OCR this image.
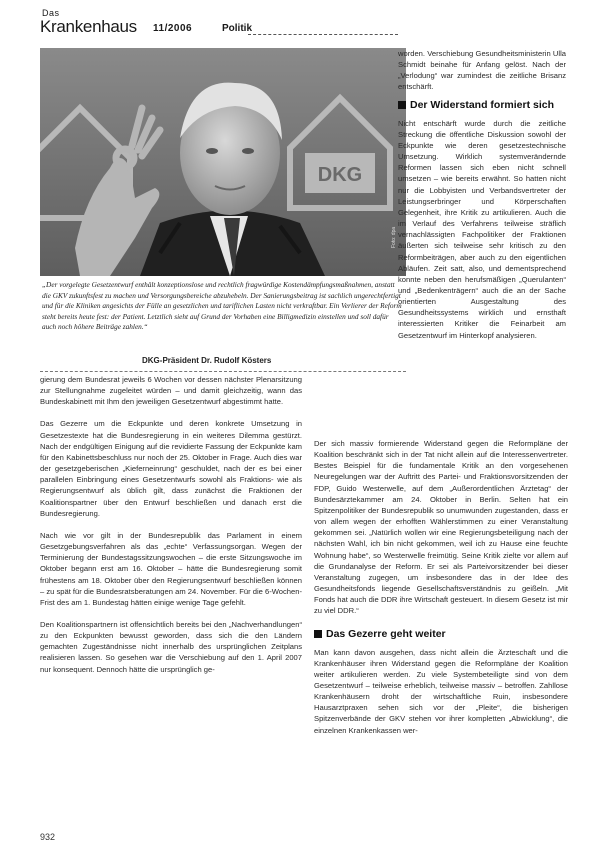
Das
Krankenhaus 11/2006	Politik
DKG
Foto: dpa

„Der vorgelegte Gesetzentwurf enthält konzeptionslose und rechtlich fragwürdige Kostendämpfungsmaßnahmen, anstatt die GKV zukunftsfest zu machen und Versorgungsbereiche abzuhebeln. Der Sanierungsbeitrag ist sachlich ungerechtfertigt und für die Kliniken angesichts der Fülle an gesetzlichen und tariflichen Lasten nicht verkraftbar. Ein Verlierer der Reform steht bereits heute fest: der Patient. Letztlich sieht auf Grund der Vorhaben eine Billigmedizin einstellen und soll dafür auch noch höhere Beiträge zahlen.“

DKG-Präsident Dr. Rudolf Kösters

worden. Verschiebung Gesundheitsministerin Ulla Schmidt beinahe für Anfang gelöst. Nach der „Verlodung“ war zumindest die zeitliche Brisanz entschärft.

Der Widerstand formiert sich

Nicht entschärft wurde durch die zeitliche Streckung die öffentliche Diskussion sowohl der Eckpunkte wie deren gesetzestechnische Umsetzung. Wirklich systemverändernde Reformen lassen sich eben nicht schnell umsetzen – wie bereits erwähnt. So hatten nicht nur die Lobbyisten und Verbandsvertreter der Leistungserbringer und Körperschaften Gelegenheit, ihre Kritik zu artikulieren. Auch die im Verlauf des Verfahrens teilweise sträflich vernachlässigten Fachpolitiker der Fraktionen äußerten sich teilweise sehr kritisch zu den Reformbeiträgen, aber auch zu den eigentlichen Abläufen. Zeit satt, also, und dementsprechend konnte neben den herufsmäßigen „Querulanten“ und „Bedenkenträgern“ auch die an der Sache orientierten Ausgestaltung des Gesundheitssystems wirklich und ernsthaft interessierten Kritiker die Feinarbeit am Gesetzentwurf im Hinterkopf analysieren.

gierung dem Bundesrat jeweils 6 Wochen vor dessen nächster Plenarsitzung zur Stellungnahme zugeleitet würden – und damit gleichzeitig, wann das Bundeskabinett mit Ihm den jeweiligen Gesetzentwurf abgestimmt hatte.

Das Gezerre um die Eckpunkte und deren konkrete Umsetzung in Gesetzestexte hat die Bundesregierung in ein weiteres Dilemma gestürzt. Nach der endgültigen Einigung auf die revidierte Fassung der Eckpunkte kam für den Kabinettsbeschluss nur noch der 25. Oktober in Frage. Auch dies war der gesetzgeberischen „Kieferneinrung“ geschuldet, nach der es bei einer parallelen Einbringung eines Gesetzentwurfs sowohl als Fraktions- wie als Regierungsentwurf als üblich gilt, dass zunächst die Fraktionen der Koalitionspartner über den Entwurf beschließen und danach erst die Bundesregierung.

Nach wie vor gilt in der Bundesrepublik das Parlament in einem Gesetzgebungsverfahren als das „echte“ Verfassungsorgan. Wegen der Terminierung der Bundestagssitzungswochen – die erste Sitzungswoche im Oktober begann erst am 16. Oktober – hätte die Bundesregierung somit frühestens am 18. Oktober über den Regierungsentwurf beschließen können – zu spät für die Bundesratsberatungen am 24. November. Für die 6-Wochen-Frist des am 1. Bundestag hätten einige wenige Tage gefehlt.

Den Koalitionspartnern ist offensichtlich bereits bei den „Nachverhandlungen“ zu den Eckpunkten bewusst geworden, dass sich die den Ländern gemachten Zugeständnisse nicht innerhalb des ursprünglichen Zeitplans realisieren lassen. So gesehen war die Verschiebung auf den 1. April 2007 nur konsequent. Dennoch hätte die ursprünglich ge-

Der sich massiv formierende Widerstand gegen die Reformpläne der Koalition beschränkt sich in der Tat nicht allein auf die Interessenvertreter. Bestes Beispiel für die fundamentale Kritik an den vorgesehenen Neuregelungen war der Auftritt des Partei- und Fraktionsvorsitzenden der FDP, Guido Westerwelle, auf dem „Außerordentlichen Ärztetag“ der Bundesärztekammer am 24. Oktober in Berlin. Selten hat ein Spitzenpolitiker der Bundesrepublik so unumwunden zugestanden, dass er von allem wegen der erhofften Wählerstimmen zu einer Veranstaltung gekommen sei. „Natürlich wollen wir eine Regierungsbeteiligung nach der nächsten Wahl, ich bin nicht gekommen, weil ich zu Hause eine feuchte Wohnung habe“, so Westerwelle freimütig. Seine Kritik zielte vor allem auf die Grundanalyse der Reform. Er sei als Parteivorsitzender bei dieser Veranstaltung zugegen, um insbesondere das in der Idee des Gesundheitsfonds liegende Gesellschaftsverständnis zu geißeln. „Mit Fonds hat auch die DDR ihre Wirtschaft gesteuert. In diesem Gesetz ist mir zu viel DDR.“

Das Gezerre geht weiter

Man kann davon ausgehen, dass nicht allein die Ärzteschaft und die Krankenhäuser ihren Widerstand gegen die Reformpläne der Koalition weiter artikulieren werden. Zu viele Systembeteiligte sind von dem Gesetzentwurf – teilweise erheblich, teilweise massiv – betroffen. Zahllose Krankenhäusern droht der wirtschaftliche Ruin, insbesondere Hausarztpraxen sehen sich vor der „Pleite“, die bisherigen Spitzenverbände der GKV stehen vor ihrer kompletten „Abwicklung“, die einzelnen Krankenkassen wer-

932
